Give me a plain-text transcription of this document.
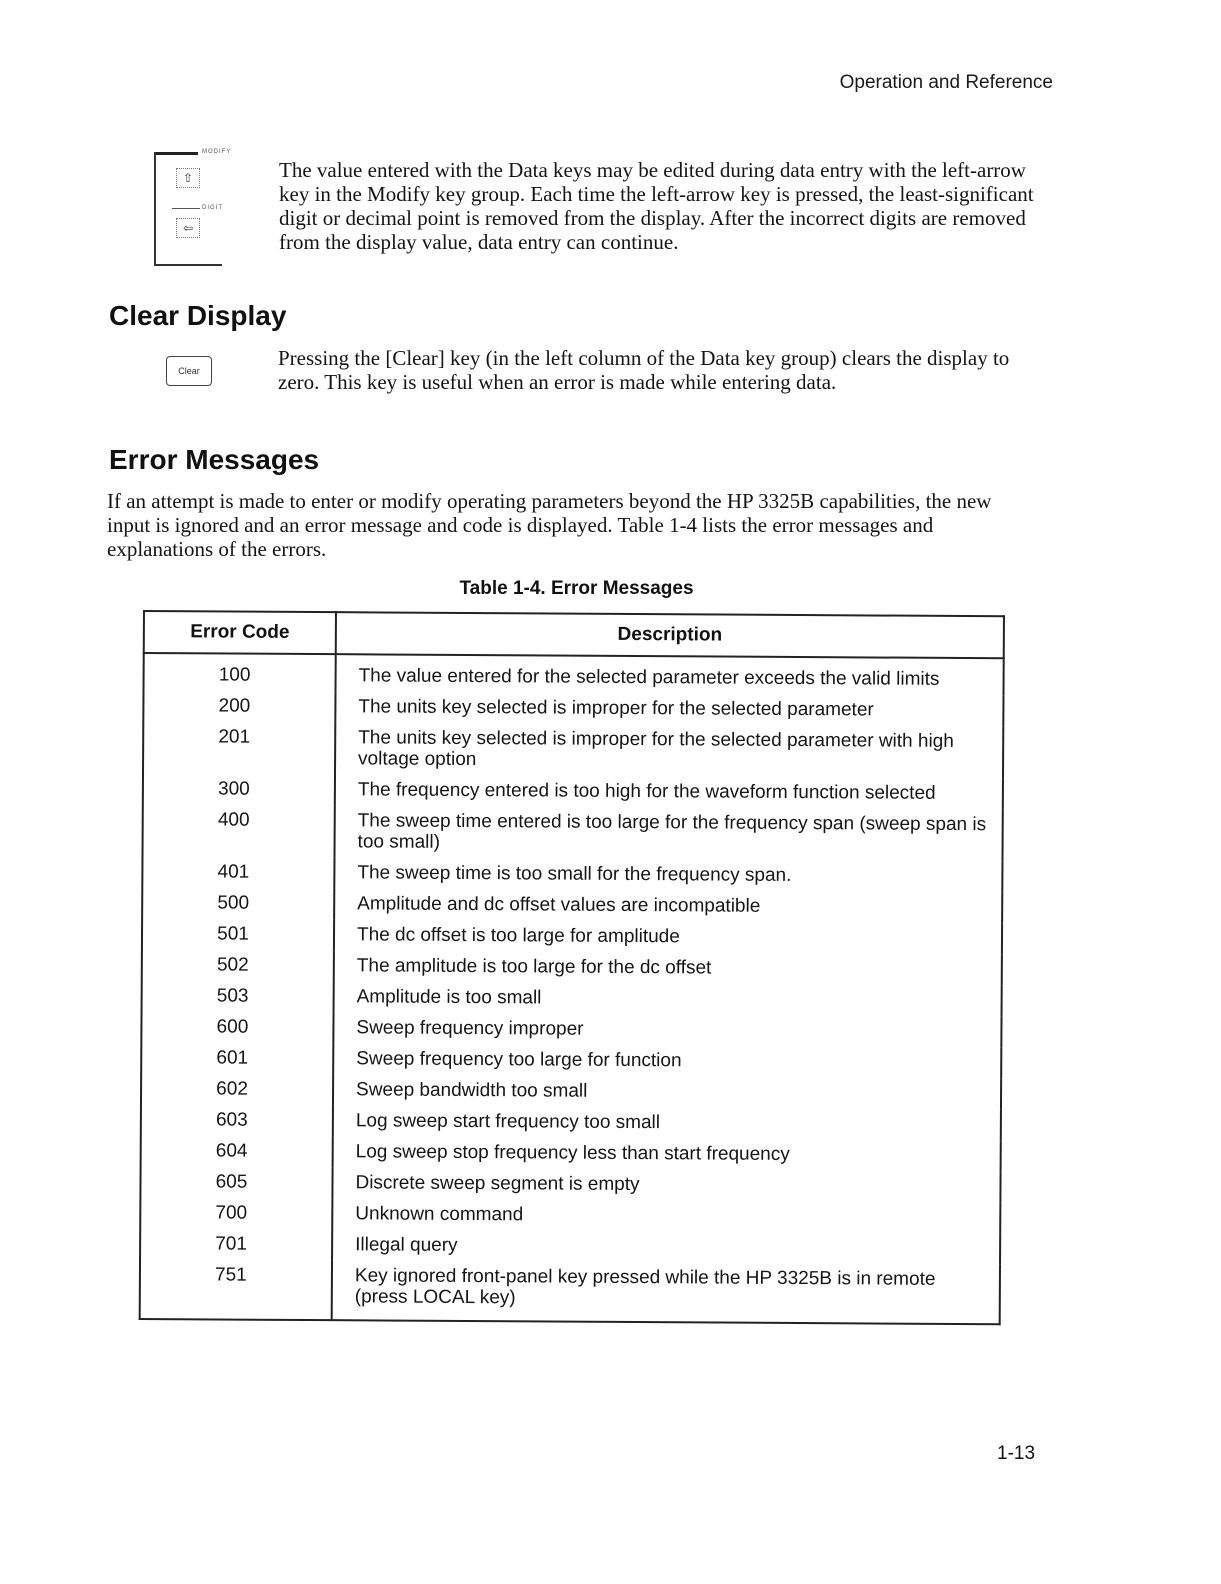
Operation and Reference
MODIFY
⇧
DIGIT
⇦

The value entered with the Data keys may be edited during data entry with the left-arrow key in the Modify key group. Each time the left-arrow key is pressed, the least-significant digit or decimal point is removed from the display. After the incorrect digits are removed from the display value, data entry can continue.

Clear Display
Clear

Pressing the [Clear] key (in the left column of the Data key group) clears the display to zero. This key is useful when an error is made while entering data.

Error Messages

If an attempt is made to enter or modify operating parameters beyond the HP 3325B capabilities, the new input is ignored and an error message and code is displayed. Table 1-4 lists the error messages and explanations of the errors.

Table 1-4. Error Messages
Error Code	Description
100	The value entered for the selected parameter exceeds the valid limits
200	The units key selected is improper for the selected parameter
201	The units key selected is improper for the selected parameter with high voltage option
300	The frequency entered is too high for the waveform function selected
400	The sweep time entered is too large for the frequency span (sweep span is too small)
401	The sweep time is too small for the frequency span.
500	Amplitude and dc offset values are incompatible
501	The dc offset is too large for amplitude
502	The amplitude is too large for the dc offset
503	Amplitude is too small
600	Sweep frequency improper
601	Sweep frequency too large for function
602	Sweep bandwidth too small
603	Log sweep start frequency too small
604	Log sweep stop frequency less than start frequency
605	Discrete sweep segment is empty
700	Unknown command
701	Illegal query
751	Key ignored front-panel key pressed while the HP 3325B is in remote (press LOCAL key)
1-13
